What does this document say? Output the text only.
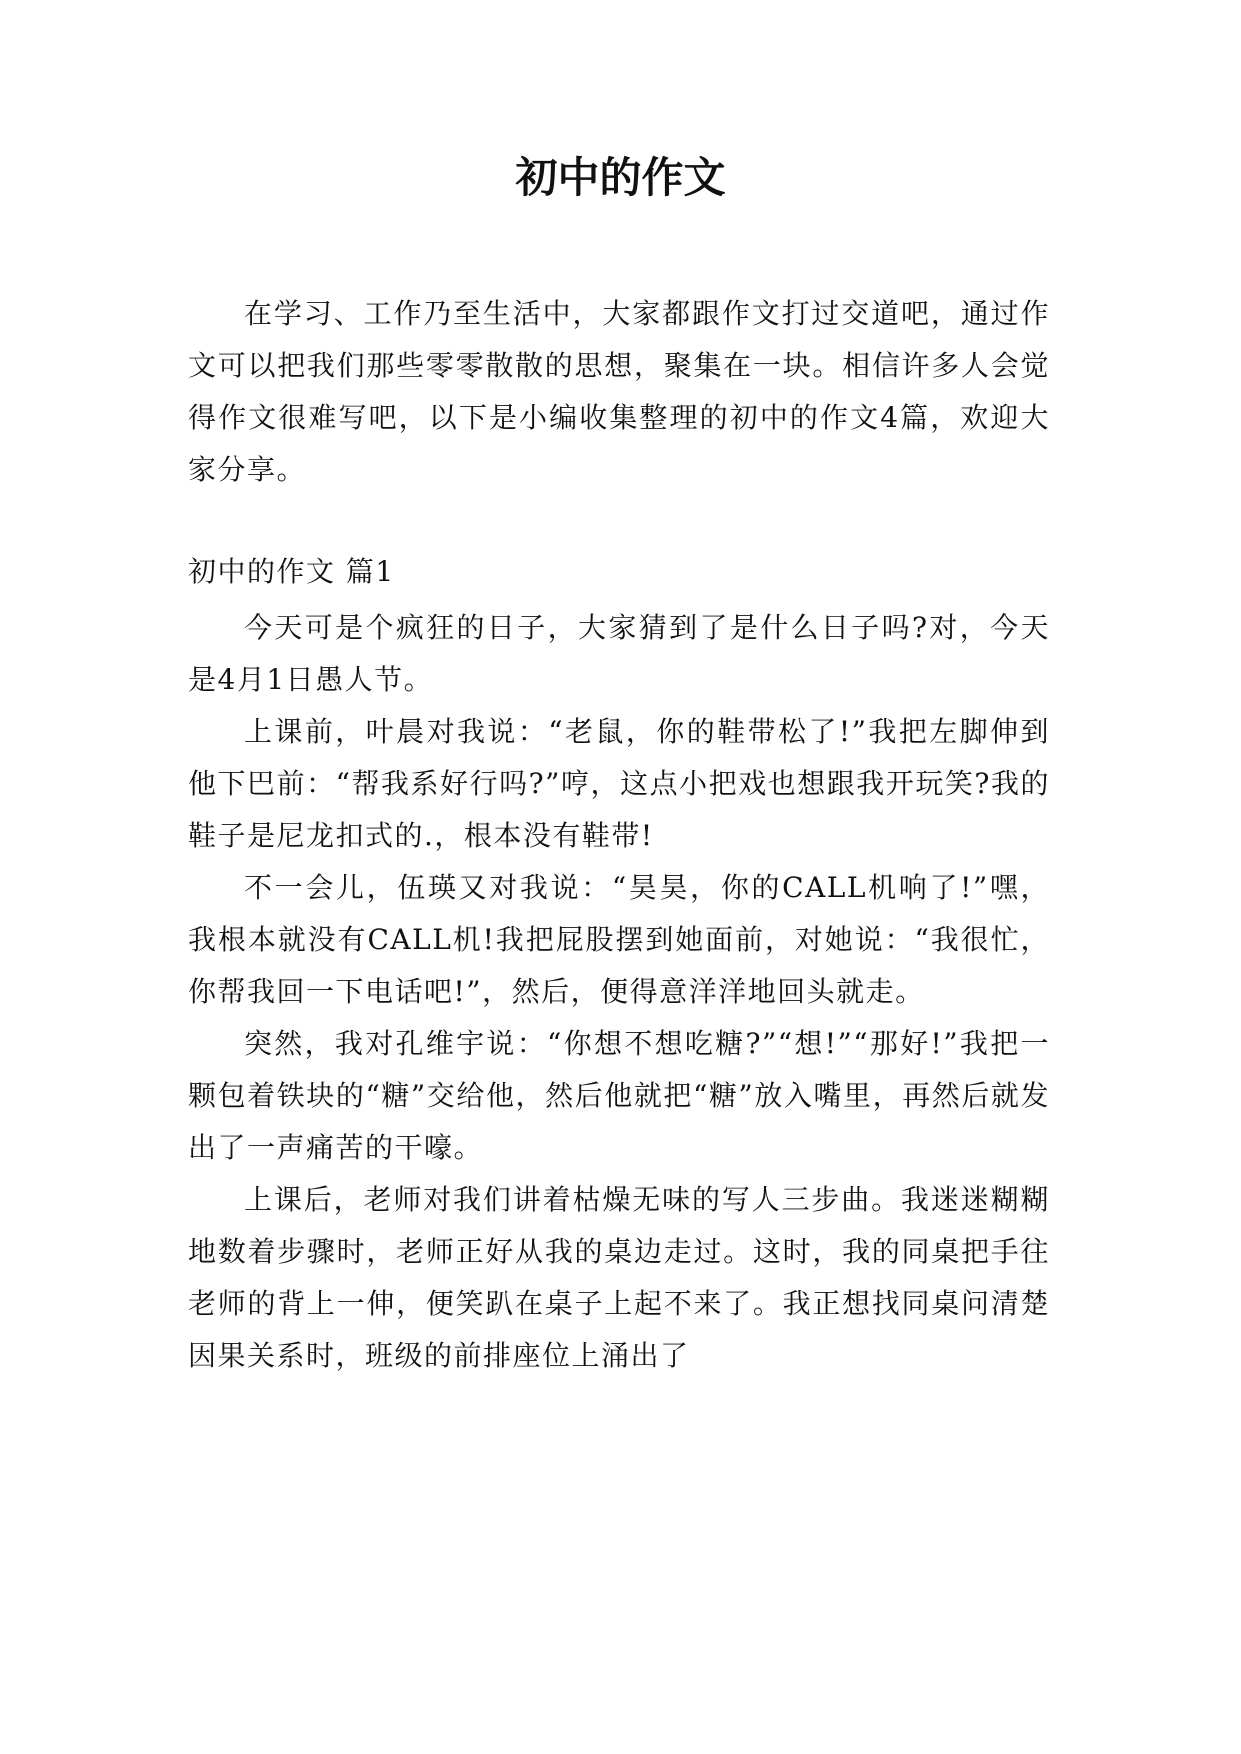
初中的作文

在学习、工作乃至生活中，大家都跟作文打过交道吧，通过作文可以把我们那些零零散散的思想，聚集在一块。相信许多人会觉得作文很难写吧，以下是小编收集整理的初中的作文4篇，欢迎大家分享。

初中的作文 篇1

今天可是个疯狂的日子，大家猜到了是什么日子吗?对，今天是4月1日愚人节。

上课前，叶晨对我说：“老鼠，你的鞋带松了!”我把左脚伸到他下巴前：“帮我系好行吗?”哼，这点小把戏也想跟我开玩笑?我的鞋子是尼龙扣式的.，根本没有鞋带!

不一会儿，伍瑛又对我说：“昊昊，你的CALL机响了!”嘿，我根本就没有CALL机!我把屁股摆到她面前，对她说：“我很忙，你帮我回一下电话吧!”，然后，便得意洋洋地回头就走。

突然，我对孔维宇说：“你想不想吃糖?”“想!”“那好!”我把一颗包着铁块的“糖”交给他，然后他就把“糖”放入嘴里，再然后就发出了一声痛苦的干嚎。

上课后，老师对我们讲着枯燥无味的写人三步曲。我迷迷糊糊地数着步骤时，老师正好从我的桌边走过。这时，我的同桌把手往老师的背上一伸，便笑趴在桌子上起不来了。我正想找同桌问清楚因果关系时，班级的前排座位上涌出了
